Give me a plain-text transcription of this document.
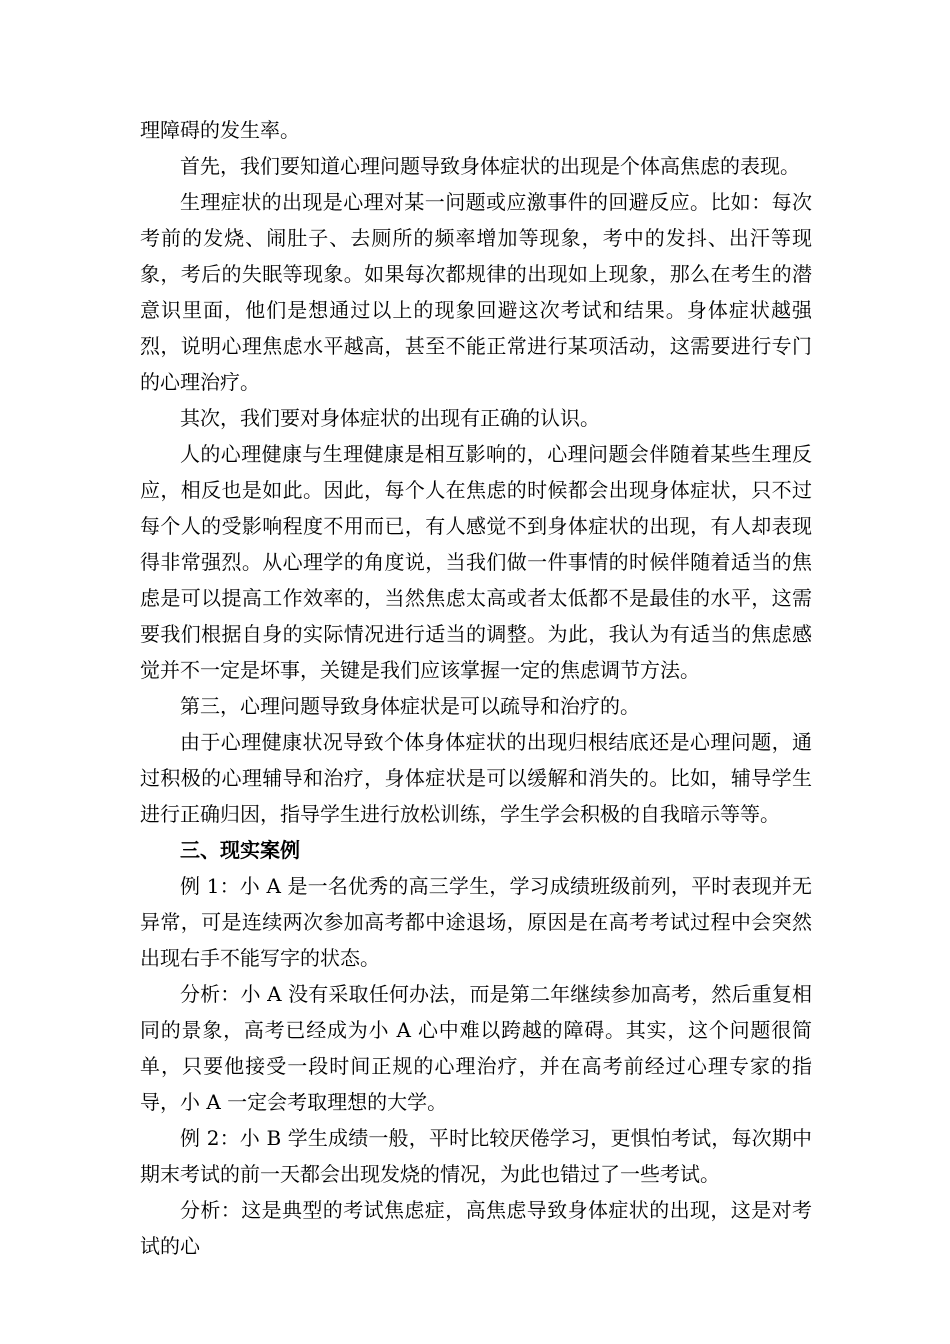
理障碍的发生率。

首先，我们要知道心理问题导致身体症状的出现是个体高焦虑的表现。

生理症状的出现是心理对某一问题或应激事件的回避反应。比如：每次考前的发烧、闹肚子、去厕所的频率增加等现象，考中的发抖、出汗等现象，考后的失眠等现象。如果每次都规律的出现如上现象，那么在考生的潜意识里面，他们是想通过以上的现象回避这次考试和结果。身体症状越强烈，说明心理焦虑水平越高，甚至不能正常进行某项活动，这需要进行专门的心理治疗。

其次，我们要对身体症状的出现有正确的认识。

人的心理健康与生理健康是相互影响的，心理问题会伴随着某些生理反应，相反也是如此。因此，每个人在焦虑的时候都会出现身体症状，只不过每个人的受影响程度不用而已，有人感觉不到身体症状的出现，有人却表现得非常强烈。从心理学的角度说，当我们做一件事情的时候伴随着适当的焦虑是可以提高工作效率的，当然焦虑太高或者太低都不是最佳的水平，这需要我们根据自身的实际情况进行适当的调整。为此，我认为有适当的焦虑感觉并不一定是坏事，关键是我们应该掌握一定的焦虑调节方法。

第三，心理问题导致身体症状是可以疏导和治疗的。

由于心理健康状况导致个体身体症状的出现归根结底还是心理问题，通过积极的心理辅导和治疗，身体症状是可以缓解和消失的。比如，辅导学生进行正确归因，指导学生进行放松训练，学生学会积极的自我暗示等等。

三、现实案例

例 1：小 A 是一名优秀的高三学生，学习成绩班级前列，平时表现并无异常，可是连续两次参加高考都中途退场，原因是在高考考试过程中会突然出现右手不能写字的状态。

分析：小 A 没有采取任何办法，而是第二年继续参加高考，然后重复相同的景象，高考已经成为小 A 心中难以跨越的障碍。其实，这个问题很简单，只要他接受一段时间正规的心理治疗，并在高考前经过心理专家的指导，小 A 一定会考取理想的大学。

例 2：小 B 学生成绩一般，平时比较厌倦学习，更惧怕考试，每次期中期末考试的前一天都会出现发烧的情况，为此也错过了一些考试。

分析：这是典型的考试焦虑症，高焦虑导致身体症状的出现，这是对考试的心
